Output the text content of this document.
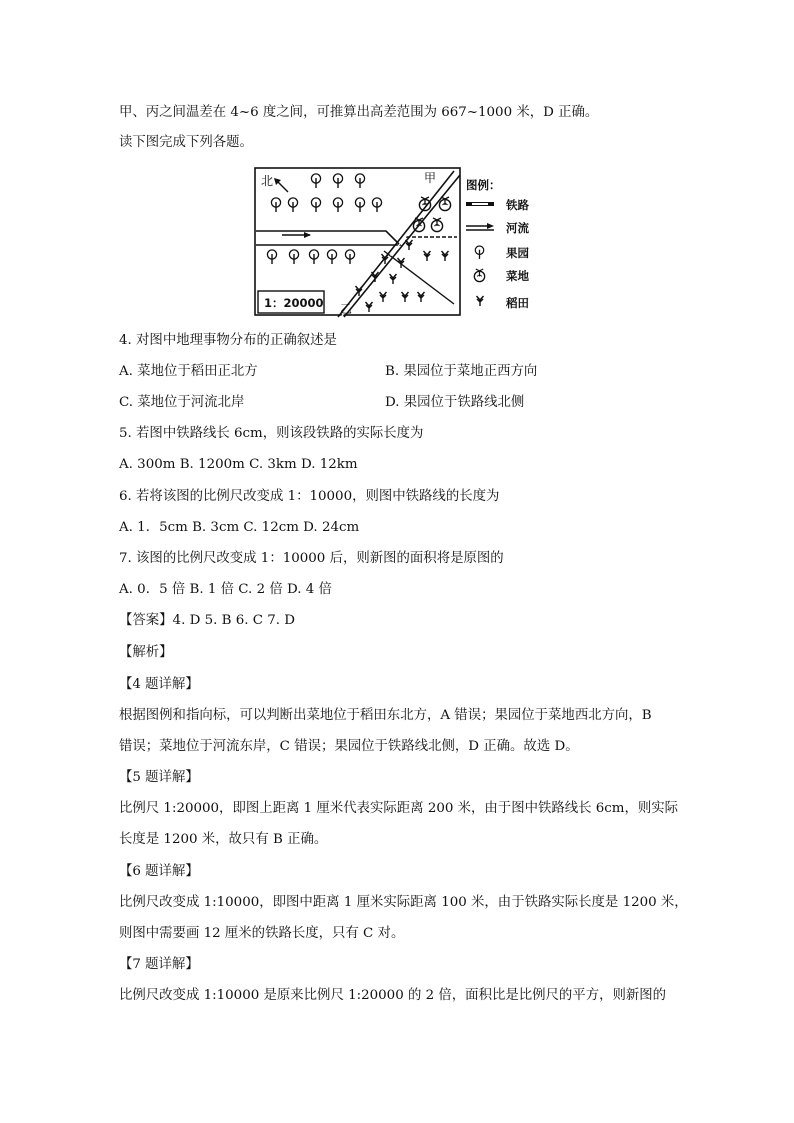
甲、丙之间温差在 4~6 度之间，可推算出高差范围为 667~1000 米，D 正确。
读下图完成下列各题。
北
1：20000
甲
乙
图例：
铁路
河流
果园
菜地
稻田
4. 对图中地理事物分布的正确叙述是
A. 菜地位于稻田正北方	B. 果园位于菜地正西方向
C. 菜地位于河流北岸	D. 果园位于铁路线北侧
5. 若图中铁路线长 6cm，则该段铁路的实际长度为
A. 300m B. 1200m C. 3km D. 12km
6. 若将该图的比例尺改变成 1：10000，则图中铁路线的长度为
A. 1．5cm B. 3cm C. 12cm D. 24cm
7. 该图的比例尺改变成 1：10000 后，则新图的面积将是原图的
A. 0．5 倍 B. 1 倍 C. 2 倍 D. 4 倍
【答案】4. D 5. B 6. C 7. D
【解析】
【4 题详解】
根据图例和指向标，可以判断出菜地位于稻田东北方，A 错误；果园位于菜地西北方向，B
错误；菜地位于河流东岸，C 错误；果园位于铁路线北侧，D 正确。故选 D。
【5 题详解】
比例尺 1:20000，即图上距离 1 厘米代表实际距离 200 米，由于图中铁路线长 6cm，则实际
长度是 1200 米，故只有 B 正确。
【6 题详解】
比例尺改变成 1:10000，即图中距离 1 厘米实际距离 100 米，由于铁路实际长度是 1200 米，
则图中需要画 12 厘米的铁路长度，只有 C 对。
【7 题详解】
比例尺改变成 1:10000 是原来比例尺 1:20000 的 2 倍，面积比是比例尺的平方，则新图的
